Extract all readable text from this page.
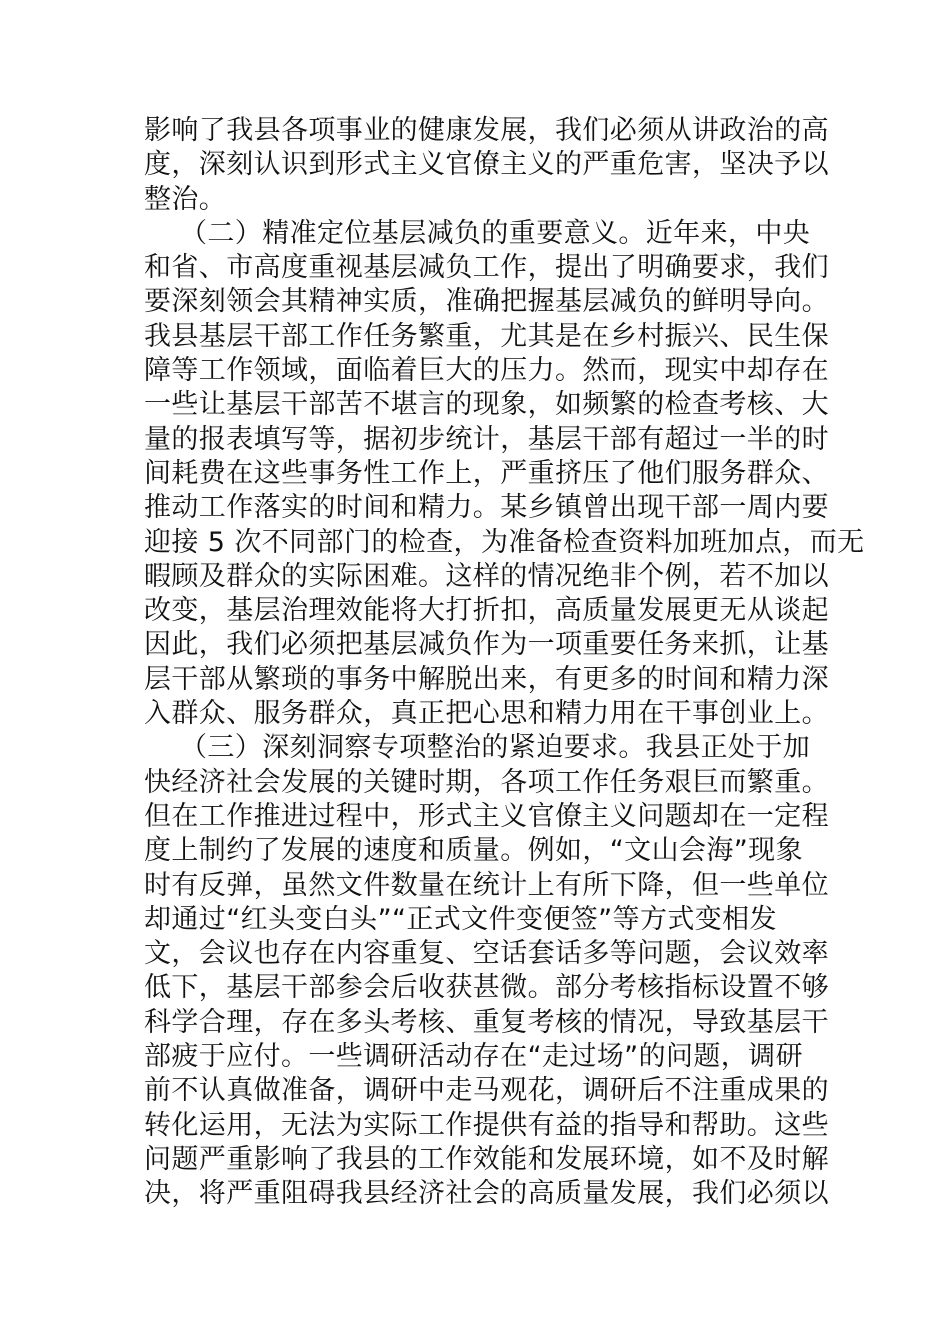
影响了我县各项事业的健康发展，我们必须从讲政治的高
度，深刻认识到形式主义官僚主义的严重危害，坚决予以
整治。
（二）精准定位基层减负的重要意义。近年来，中央
和省、市高度重视基层减负工作，提出了明确要求，我们
要深刻领会其精神实质，准确把握基层减负的鲜明导向。
我县基层干部工作任务繁重，尤其是在乡村振兴、民生保
障等工作领域，面临着巨大的压力。然而，现实中却存在
一些让基层干部苦不堪言的现象，如频繁的检查考核、大
量的报表填写等，据初步统计，基层干部有超过一半的时
间耗费在这些事务性工作上，严重挤压了他们服务群众、
推动工作落实的时间和精力。某乡镇曾出现干部一周内要
迎接 5 次不同部门的检查，为准备检查资料加班加点，而无
暇顾及群众的实际困难。这样的情况绝非个例，若不加以
改变，基层治理效能将大打折扣，高质量发展更无从谈起
因此，我们必须把基层减负作为一项重要任务来抓，让基
层干部从繁琐的事务中解脱出来，有更多的时间和精力深
入群众、服务群众，真正把心思和精力用在干事创业上。
（三）深刻洞察专项整治的紧迫要求。我县正处于加
快经济社会发展的关键时期，各项工作任务艰巨而繁重。
但在工作推进过程中，形式主义官僚主义问题却在一定程
度上制约了发展的速度和质量。例如，“文山会海”现象
时有反弹，虽然文件数量在统计上有所下降，但一些单位
却通过“红头变白头”“正式文件变便签”等方式变相发
文，会议也存在内容重复、空话套话多等问题，会议效率
低下，基层干部参会后收获甚微。部分考核指标设置不够
科学合理，存在多头考核、重复考核的情况，导致基层干
部疲于应付。一些调研活动存在“走过场”的问题，调研
前不认真做准备，调研中走马观花，调研后不注重成果的
转化运用，无法为实际工作提供有益的指导和帮助。这些
问题严重影响了我县的工作效能和发展环境，如不及时解
决，将严重阻碍我县经济社会的高质量发展，我们必须以
